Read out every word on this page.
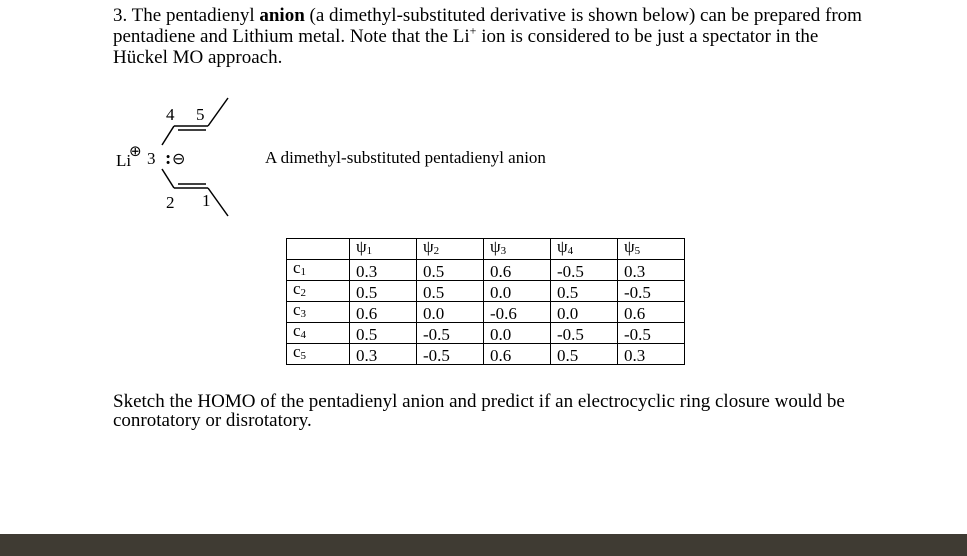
3. The pentadienyl anion (a dimethyl-substituted derivative is shown below) can be prepared from pentadiene and Lithium metal. Note that the Li+ ion is considered to be just a spectator in the Hückel MO approach.

Li
⊕ 3
4 5
2 1
: ⊖	A dimethyl-substituted pentadienyl anion
	ψ1	ψ2	ψ3	ψ4	ψ5
c1	0.3	0.5	0.6	-0.5	0.3
c2	0.5	0.5	0.0	0.5	-0.5
c3	0.6	0.0	-0.6	0.0	0.6
c4	0.5	-0.5	0.0	-0.5	-0.5
c5	0.3	-0.5	0.6	0.5	0.3

Sketch the HOMO of the pentadienyl anion and predict if an electrocyclic ring closure would be conrotatory or disrotatory.
